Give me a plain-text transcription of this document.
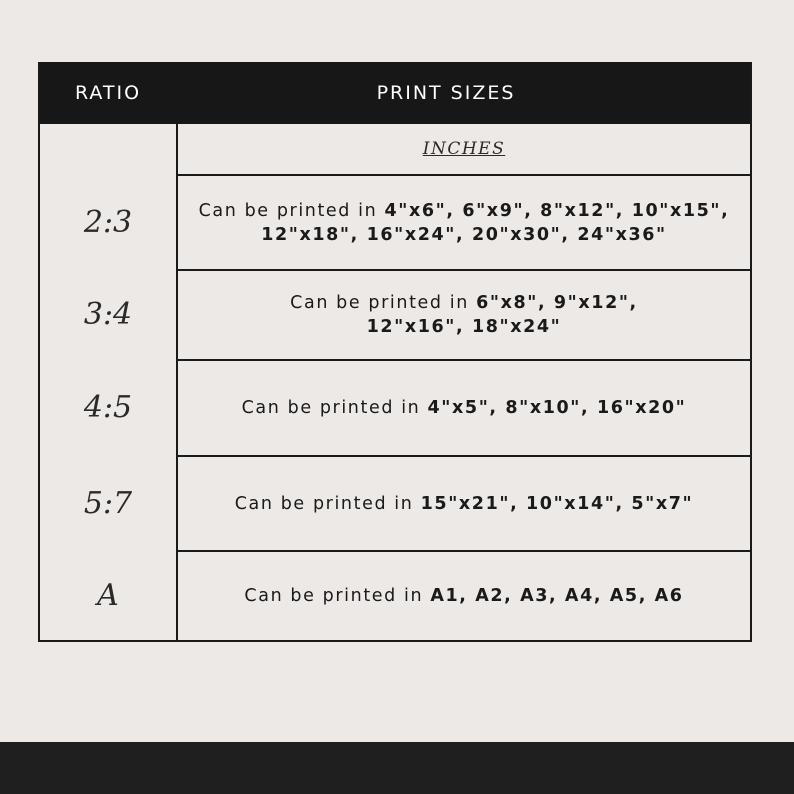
RATIO	PRINT SIZES
INCHES
2:3	Can be printed in 4"x6", 6"x9", 8"x12", 10"x15", 12"x18", 16"x24", 20"x30", 24"x36"
3:4	Can be printed in 6"x8", 9"x12", 12"x16", 18"x24"
4:5	Can be printed in 4"x5", 8"x10", 16"x20"
5:7	Can be printed in 15"x21", 10"x14", 5"x7"
A	Can be printed in A1, A2, A3, A4, A5, A6
